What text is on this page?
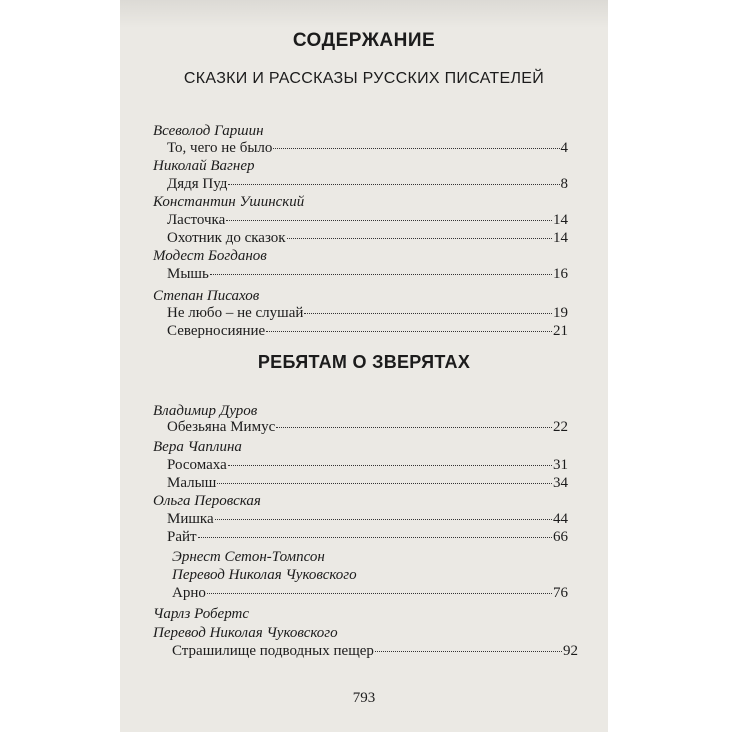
СОДЕРЖАНИЕ
СКАЗКИ И РАССКАЗЫ РУССКИХ ПИСАТЕЛЕЙ
РЕБЯТАМ О ЗВЕРЯТАХ
Всеволод Гаршин
То, чего не было	4
Николай Вагнер
Дядя Пуд	8
Константин Ушинский
Ласточка	14
Охотник до сказок	14
Модест Богданов
Мышь	16
Степан Писахов
Не любо – не слушай	19
Северносияние	21
Владимир Дуров
Обезьяна Мимус	22
Вера Чаплина
Росомаха	31
Малыш	34
Ольга Перовская
Мишка	44
Райт	66
Эрнест Сетон-Томпсон
Перевод Николая Чуковского
Арно	76
Чарлз Робертс
Перевод Николая Чуковского
Страшилище подводных пещер	92
793
